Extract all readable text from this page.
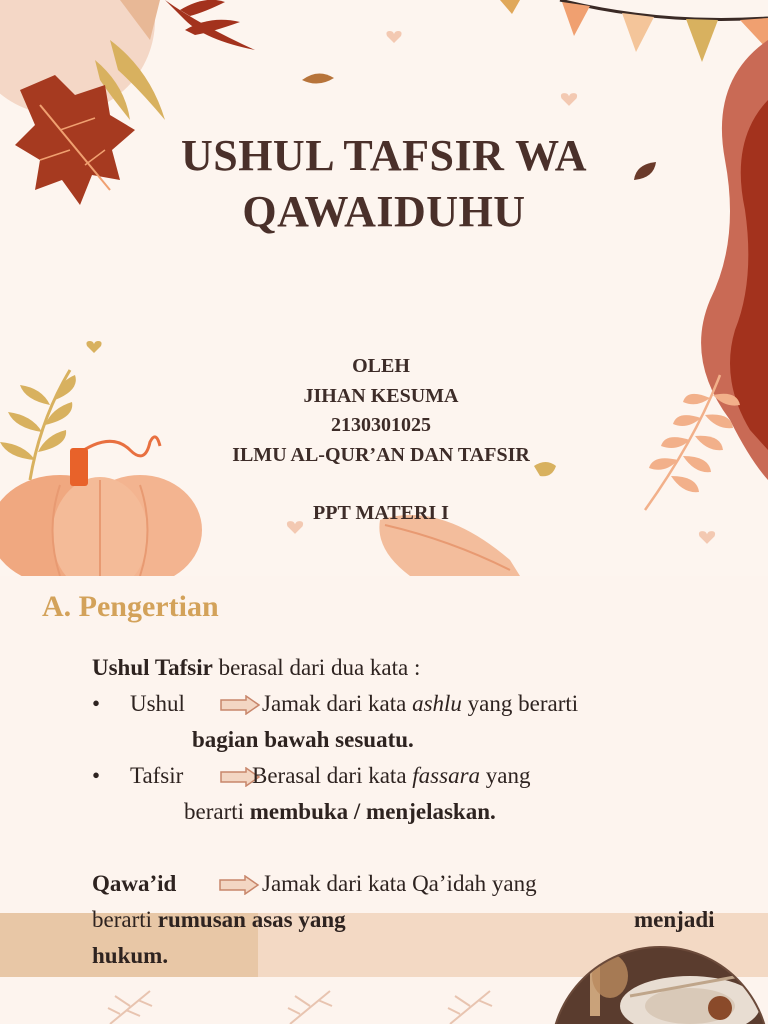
USHUL TAFSIR WA
QAWAIDUHU
OLEH
JIHAN KESUMA
2130301025
ILMU AL-QUR’AN DAN TAFSIR
PPT MATERI I
A. Pengertian
Ushul Tafsir berasal dari dua kata :
• Ushul	Jamak dari kata ashlu yang berarti
bagian bawah sesuatu.
• Tafsir	Berasal dari kata fassara yang
berarti membuka / menjelaskan.
Qawa’id	Jamak dari kata Qa’idah yang
berarti rumusan asas yang	menjadi
hukum.
